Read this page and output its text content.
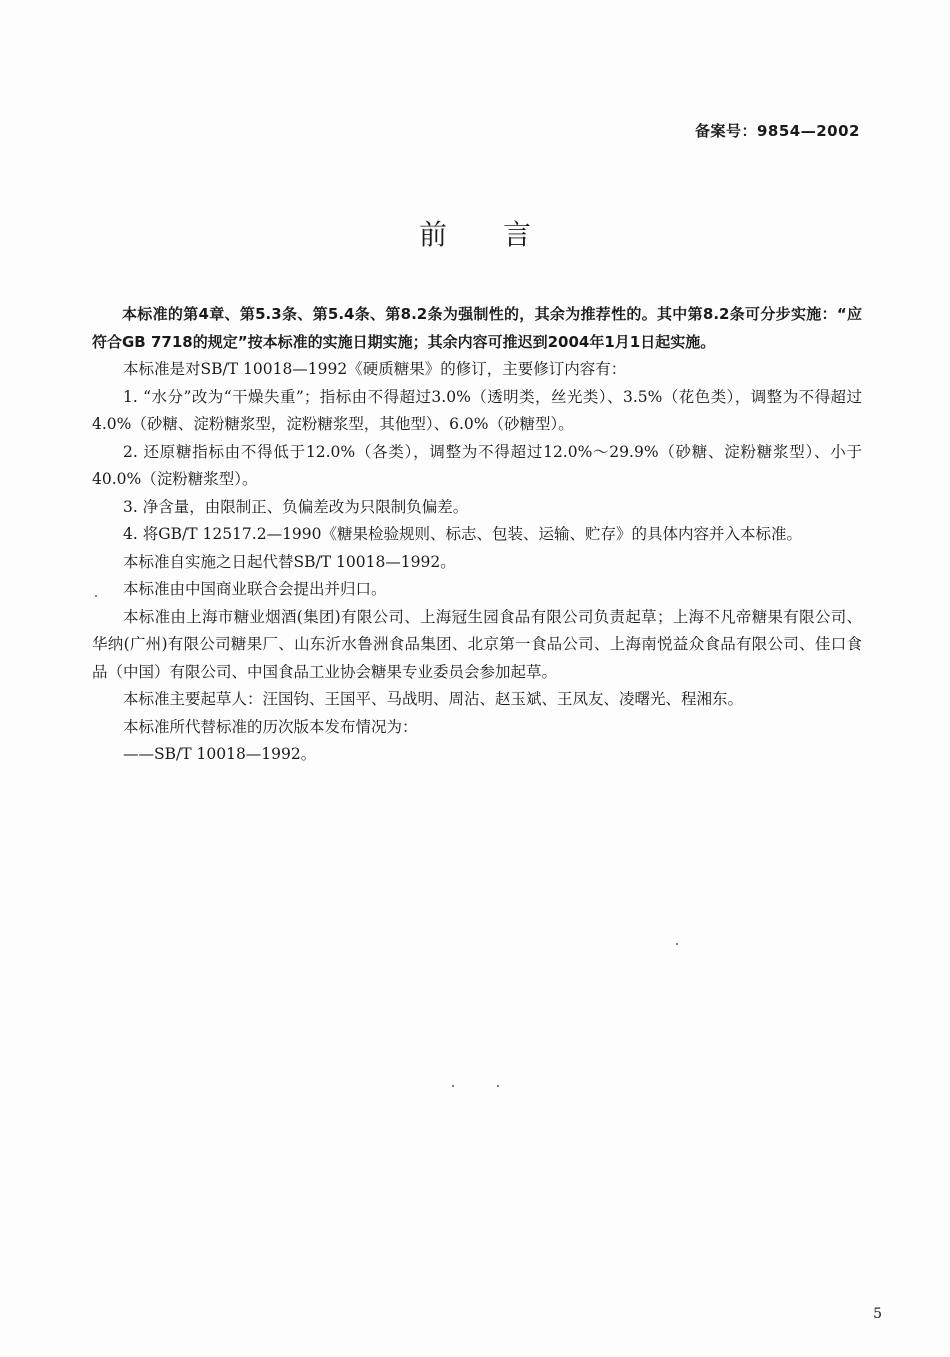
备案号：9854—2002
前言

本标准的第4章、第5.3条、第5.4条、第8.2条为强制性的，其余为推荐性的。其中第8.2条可分步实施：“应符合GB 7718的规定”按本标准的实施日期实施；其余内容可推迟到2004年1月1日起实施。

本标准是对SB/T 10018—1992《硬质糖果》的修订，主要修订内容有：

1. “水分”改为“干燥失重”；指标由不得超过3.0%（透明类，丝光类）、3.5%（花色类），调整为不得超过4.0%（砂糖、淀粉糖浆型，淀粉糖浆型，其他型）、6.0%（砂糖型）。

2. 还原糖指标由不得低于12.0%（各类），调整为不得超过12.0%～29.9%（砂糖、淀粉糖浆型）、小于40.0%（淀粉糖浆型）。

3. 净含量，由限制正、负偏差改为只限制负偏差。

4. 将GB/T 12517.2—1990《糖果检验规则、标志、包装、运输、贮存》的具体内容并入本标准。

本标准自实施之日起代替SB/T 10018—1992。

本标准由中国商业联合会提出并归口。

本标准由上海市糖业烟酒(集团)有限公司、上海冠生园食品有限公司负责起草；上海不凡帝糖果有限公司、华纳(广州)有限公司糖果厂、山东沂水鲁洲食品集团、北京第一食品公司、上海南悦益众食品有限公司、佳口食品（中国）有限公司、中国食品工业协会糖果专业委员会参加起草。

本标准主要起草人：汪国钧、王国平、马战明、周沾、赵玉斌、王凤友、凌曙光、程湘东。

本标准所代替标准的历次版本发布情况为：

——SB/T 10018—1992。

5
